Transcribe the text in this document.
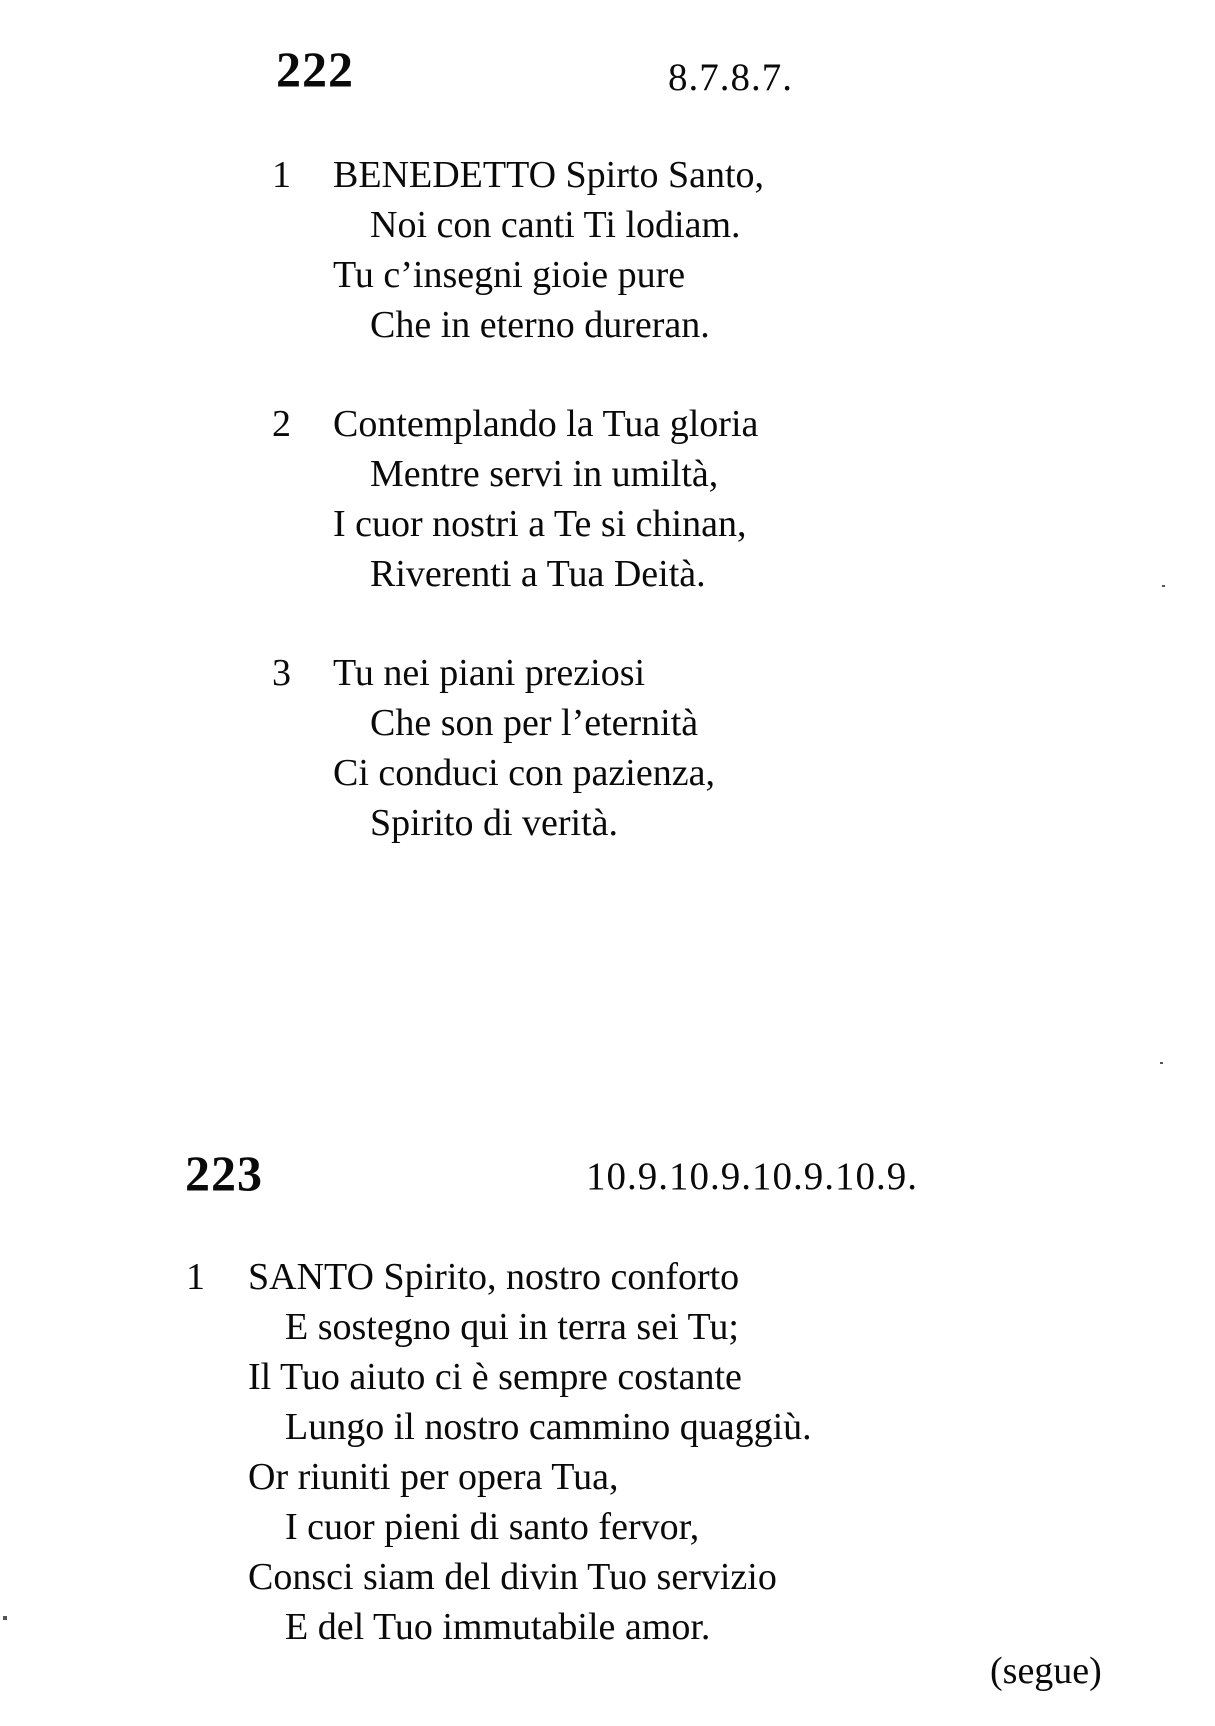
222	8.7.8.7.
1 BENEDETTO Spirto Santo,
Noi con canti Ti lodiam.
Tu c’insegni gioie pure
Che in eterno dureran.
2 Contemplando la Tua gloria
Mentre servi in umiltà,
I cuor nostri a Te si chinan,
Riverenti a Tua Deità.
3 Tu nei piani preziosi
Che son per l’eternità
Ci conduci con pazienza,
Spirito di verità.
223	10.9.10.9.10.9.10.9.
1 SANTO Spirito, nostro conforto
E sostegno qui in terra sei Tu;
Il Tuo aiuto ci è sempre costante
Lungo il nostro cammino quaggiù.
Or riuniti per opera Tua,
I cuor pieni di santo fervor,
Consci siam del divin Tuo servizio
E del Tuo immutabile amor.
(segue)
